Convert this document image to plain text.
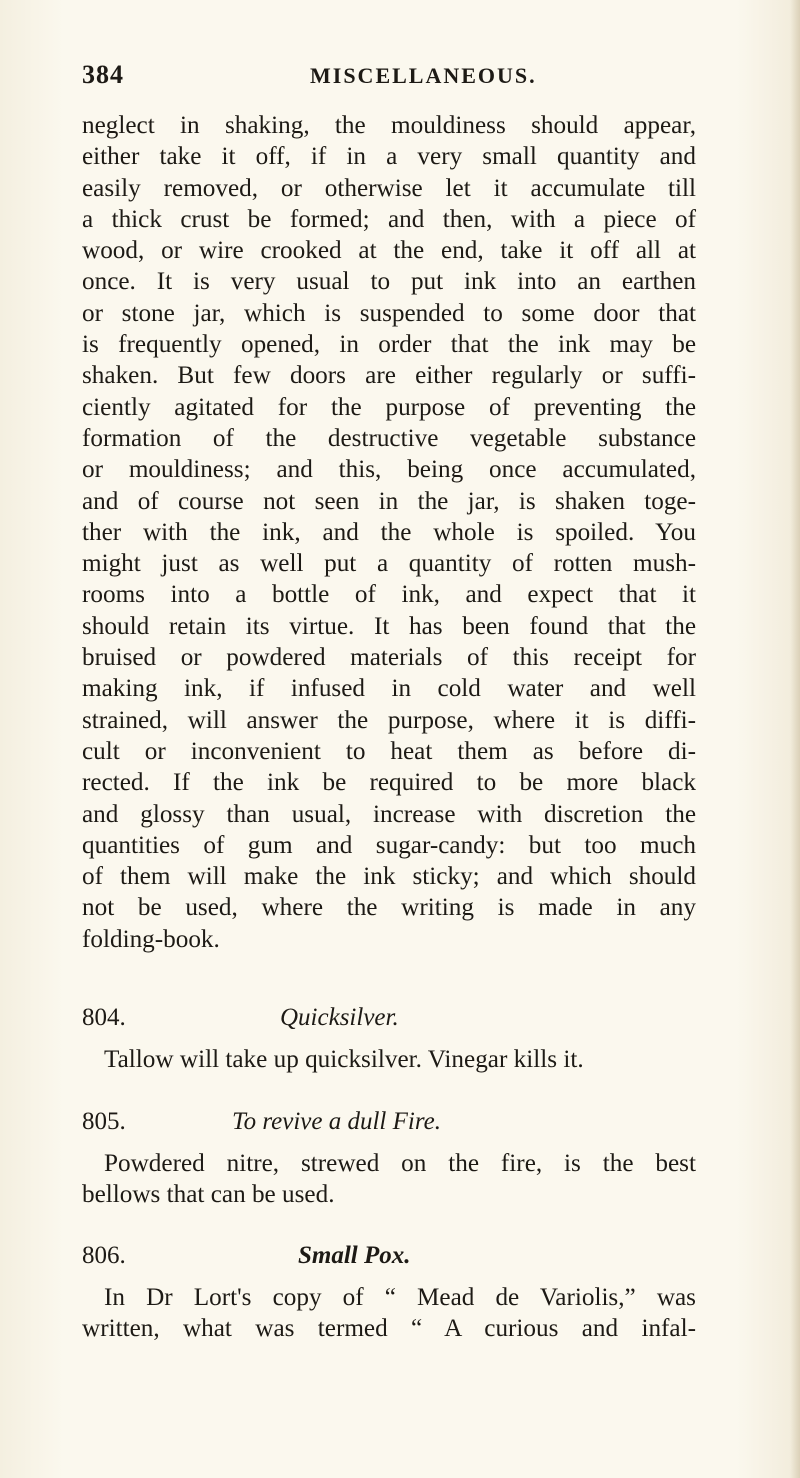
384	MISCELLANEOUS.
neglect in shaking, the mouldiness should appear,
either take it off, if in a very small quantity and
easily removed, or otherwise let it accumulate till
a thick crust be formed; and then, with a piece of
wood, or wire crooked at the end, take it off all at
once. It is very usual to put ink into an earthen
or stone jar, which is suspended to some door that
is frequently opened, in order that the ink may be
shaken. But few doors are either regularly or suffi-
ciently agitated for the purpose of preventing the
formation of the destructive vegetable substance
or mouldiness; and this, being once accumulated,
and of course not seen in the jar, is shaken toge-
ther with the ink, and the whole is spoiled. You
might just as well put a quantity of rotten mush-
rooms into a bottle of ink, and expect that it
should retain its virtue. It has been found that the
bruised or powdered materials of this receipt for
making ink, if infused in cold water and well
strained, will answer the purpose, where it is diffi-
cult or inconvenient to heat them as before di-
rected. If the ink be required to be more black
and glossy than usual, increase with discretion the
quantities of gum and sugar-candy: but too much
of them will make the ink sticky; and which should
not be used, where the writing is made in any
folding-book.
804.	Quicksilver.
Tallow will take up quicksilver. Vinegar kills it.
805.	To revive a dull Fire.
Powdered nitre, strewed on the fire, is the best
bellows that can be used.
806.	Small Pox.
In Dr Lort's copy of “ Mead de Variolis,” was
written, what was termed “ A curious and infal-
